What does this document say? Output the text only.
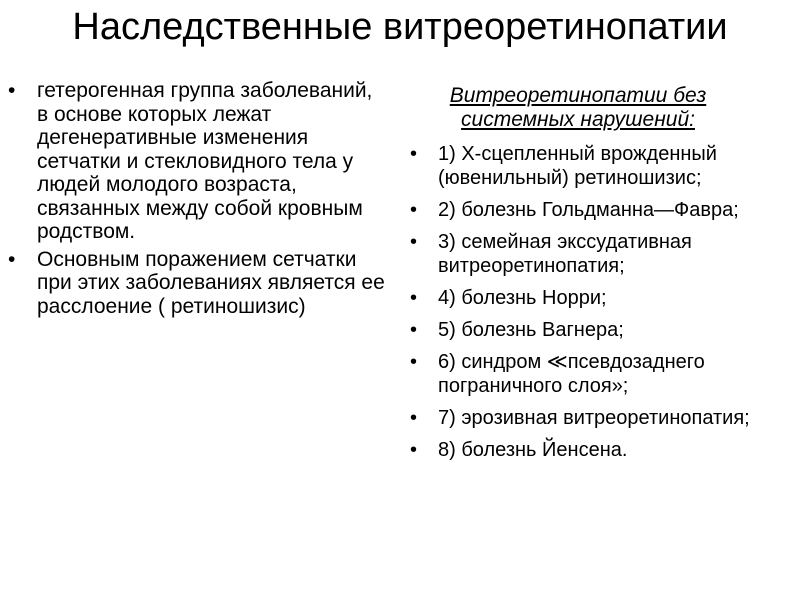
Наследственные витреоретинопатии
• гетерогенная группа заболеваний, в основе которых лежат дегенеративные изменения сетчатки и стекловидного тела у людей молодого возраста, связанных между собой кровным родством.
• Основным поражением сетчатки при этих заболеваниях является ее расслоение ( ретиношизис)
Витреоретинопатии без системных нарушений:
• 1) Х-сцепленный врожденный (ювенильный) ретиношизис;
• 2) болезнь Гольдманна—Фавра;
• 3) семейная экссудативная витреоретинопатия;
• 4) болезнь Норри;
• 5) болезнь Вагнера;
• 6) синдром ≪псевдозаднего пограничного слоя»;
• 7) эрозивная витреоретинопатия;
• 8) болезнь Йенсена.
